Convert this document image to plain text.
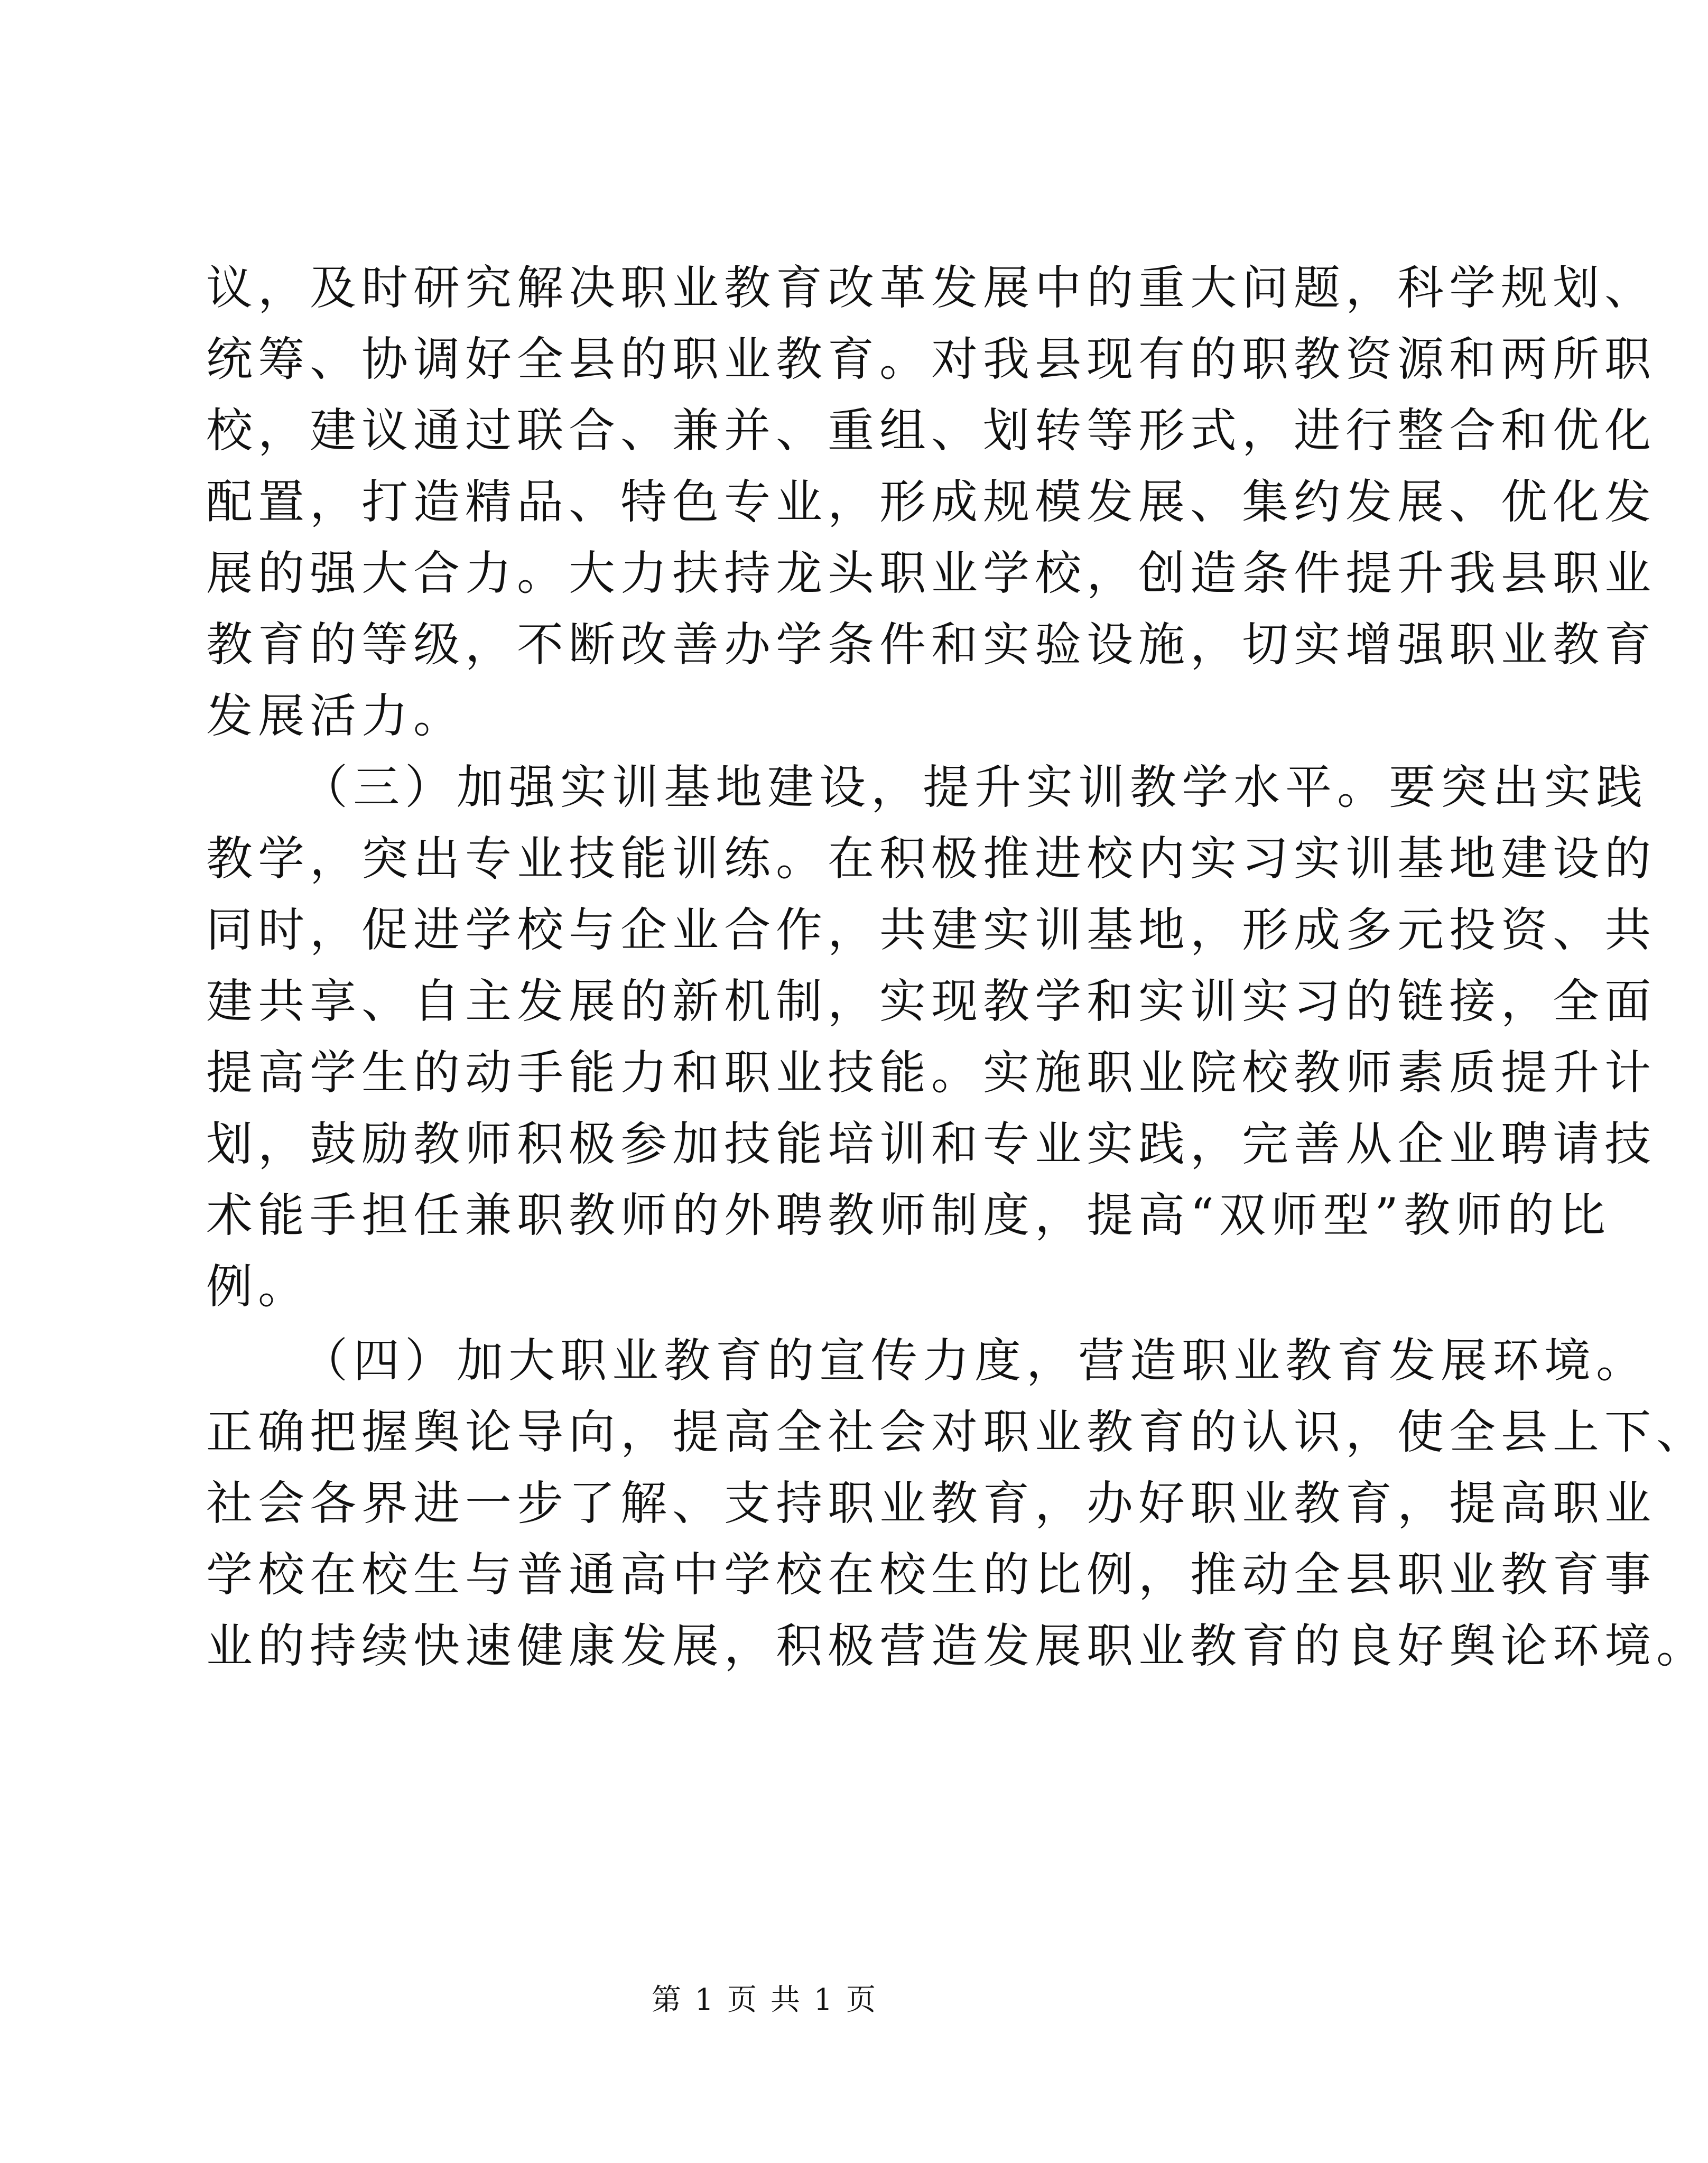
议，及时研究解决职业教育改革发展中的重大问题，科学规划、
统筹、协调好全县的职业教育。对我县现有的职教资源和两所职
校，建议通过联合、兼并、重组、划转等形式，进行整合和优化
配置，打造精品、特色专业，形成规模发展、集约发展、优化发
展的强大合力。大力扶持龙头职业学校，创造条件提升我县职业
教育的等级，不断改善办学条件和实验设施，切实增强职业教育
发展活力。
（三）加强实训基地建设，提升实训教学水平。要突出实践
教学，突出专业技能训练。在积极推进校内实习实训基地建设的
同时，促进学校与企业合作，共建实训基地，形成多元投资、共
建共享、自主发展的新机制，实现教学和实训实习的链接，全面
提高学生的动手能力和职业技能。实施职业院校教师素质提升计
划，鼓励教师积极参加技能培训和专业实践，完善从企业聘请技
术能手担任兼职教师的外聘教师制度，提高“双师型”教师的比
例。
（四）加大职业教育的宣传力度，营造职业教育发展环境。
正确把握舆论导向，提高全社会对职业教育的认识，使全县上下、
社会各界进一步了解、支持职业教育，办好职业教育，提高职业
学校在校生与普通高中学校在校生的比例，推动全县职业教育事
业的持续快速健康发展，积极营造发展职业教育的良好舆论环境。
第 1 页 共 1 页
